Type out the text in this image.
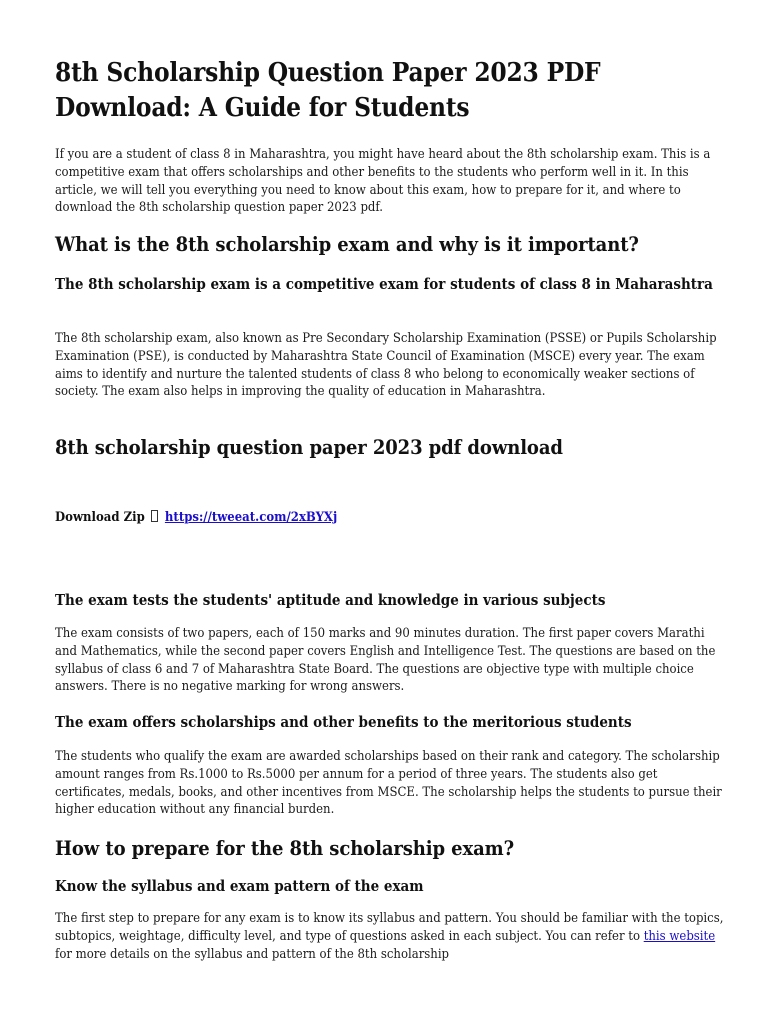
8th Scholarship Question Paper 2023 PDF
Download: A Guide for Students

If you are a student of class 8 in Maharashtra, you might have heard about the 8th scholarship exam. This is a competitive exam that offers scholarships and other benefits to the students who perform well in it. In this article, we will tell you everything you need to know about this exam, how to prepare for it, and where to download the 8th scholarship question paper 2023 pdf.

What is the 8th scholarship exam and why is it important?
The 8th scholarship exam is a competitive exam for students of class 8 in Maharashtra

The 8th scholarship exam, also known as Pre Secondary Scholarship Examination (PSSE) or Pupils Scholarship Examination (PSE), is conducted by Maharashtra State Council of Examination (MSCE) every year. The exam aims to identify and nurture the talented students of class 8 who belong to economically weaker sections of society. The exam also helps in improving the quality of education in Maharashtra.

8th scholarship question paper 2023 pdf download
Download Zip https://tweeat.com/2xBYXj
The exam tests the students' aptitude and knowledge in various subjects

The exam consists of two papers, each of 150 marks and 90 minutes duration. The first paper covers Marathi and Mathematics, while the second paper covers English and Intelligence Test. The questions are based on the syllabus of class 6 and 7 of Maharashtra State Board. The questions are objective type with multiple choice answers. There is no negative marking for wrong answers.

The exam offers scholarships and other benefits to the meritorious students

The students who qualify the exam are awarded scholarships based on their rank and category. The scholarship amount ranges from Rs.1000 to Rs.5000 per annum for a period of three years. The students also get certificates, medals, books, and other incentives from MSCE. The scholarship helps the students to pursue their higher education without any financial burden.

How to prepare for the 8th scholarship exam?
Know the syllabus and exam pattern of the exam

The first step to prepare for any exam is to know its syllabus and pattern. You should be familiar with the topics, subtopics, weightage, difficulty level, and type of questions asked in each subject. You can refer to this website for more details on the syllabus and pattern of the 8th scholarship
